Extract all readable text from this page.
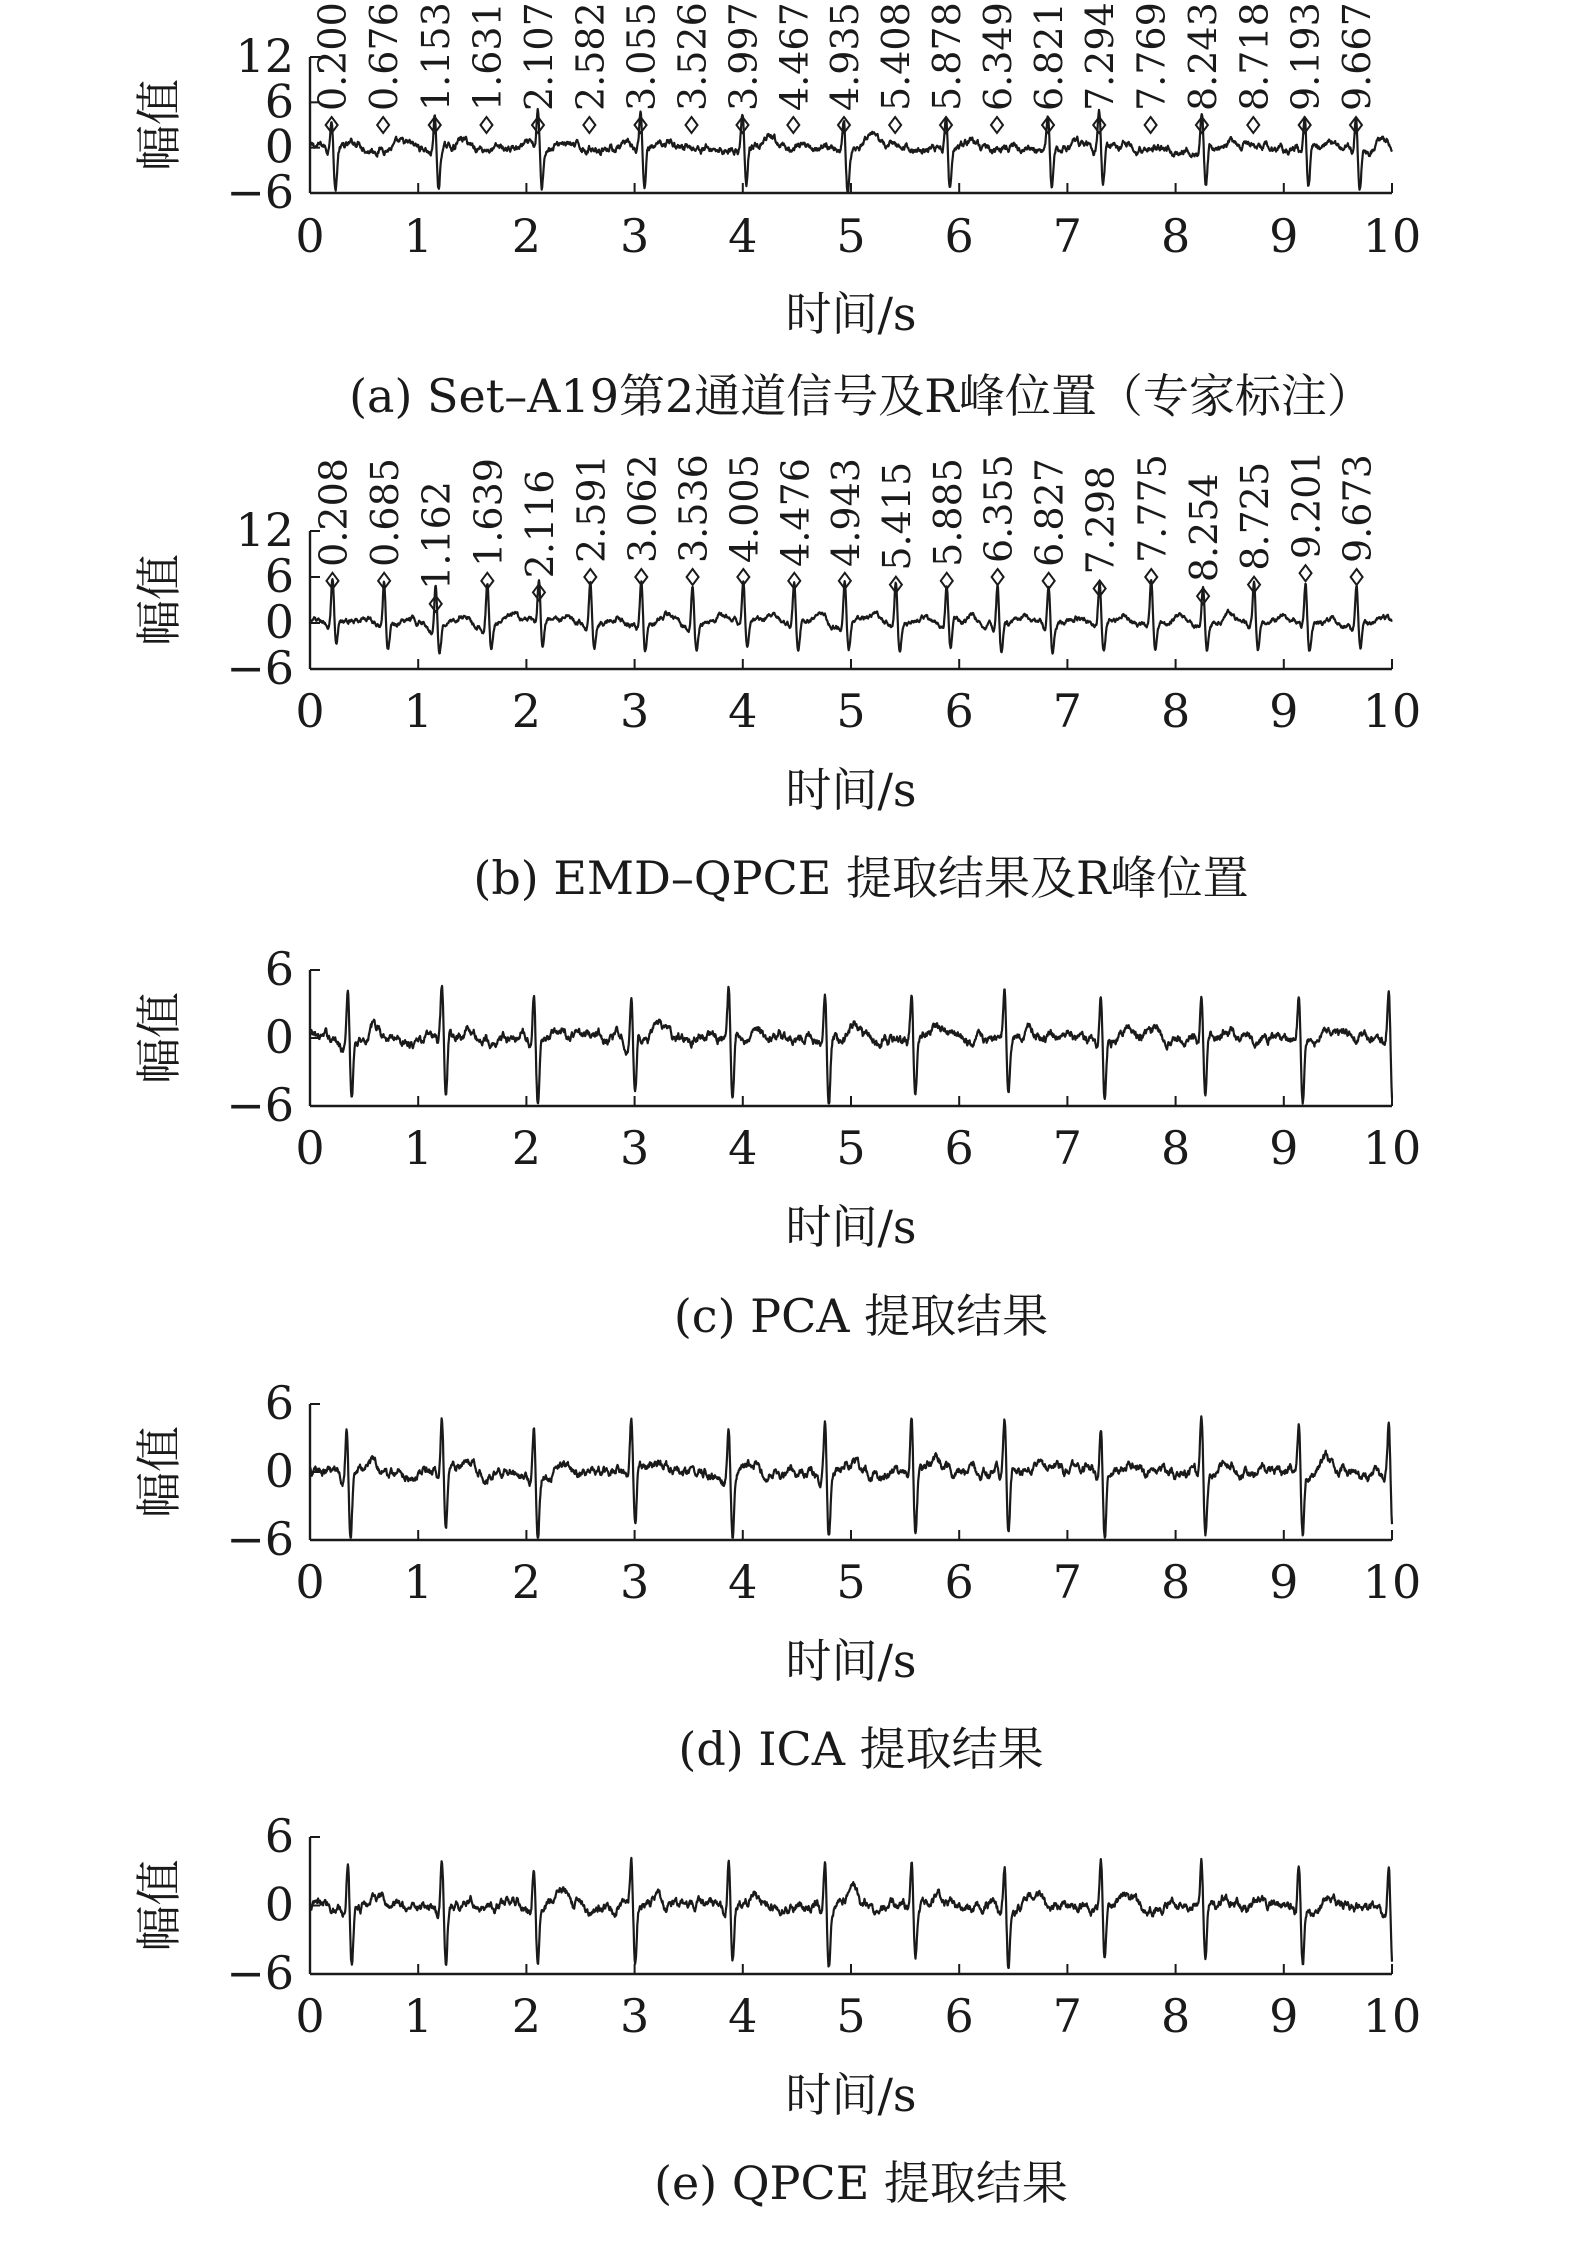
0 1 2 3 4 5 6 7 8 9 10
12
6
0
−6
幅值
时间/s
(a) Set–A19第2通道信号及R峰位置（专家标注）
0.200 0.676 1.153 1.631 2.107 2.582 3.055 3.526 3.997 4.467 4.935 5.408 5.878 6.349 6.821 7.294 7.769 8.243 8.718 9.193 9.667
0 1 2 3 4 5 6 7 8 9 10
12
6
0
−6
幅值
时间/s
(b) EMD–QPCE 提取结果及R峰位置
0.208 0.685 1.162 1.639 2.116 2.591 3.062 3.536 4.005 4.476 4.943 5.415 5.885 6.355 6.827 7.298 7.775 8.254 8.725 9.201 9.673
0 1 2 3 4 5 6 7 8 9 10
6
0
−6
幅值
时间/s
(c) PCA 提取结果
0 1 2 3 4 5 6 7 8 9 10
6
0
−6
幅值
时间/s
(d) ICA 提取结果
0 1 2 3 4 5 6 7 8 9 10
6
0
−6
幅值
时间/s
(e) QPCE 提取结果
